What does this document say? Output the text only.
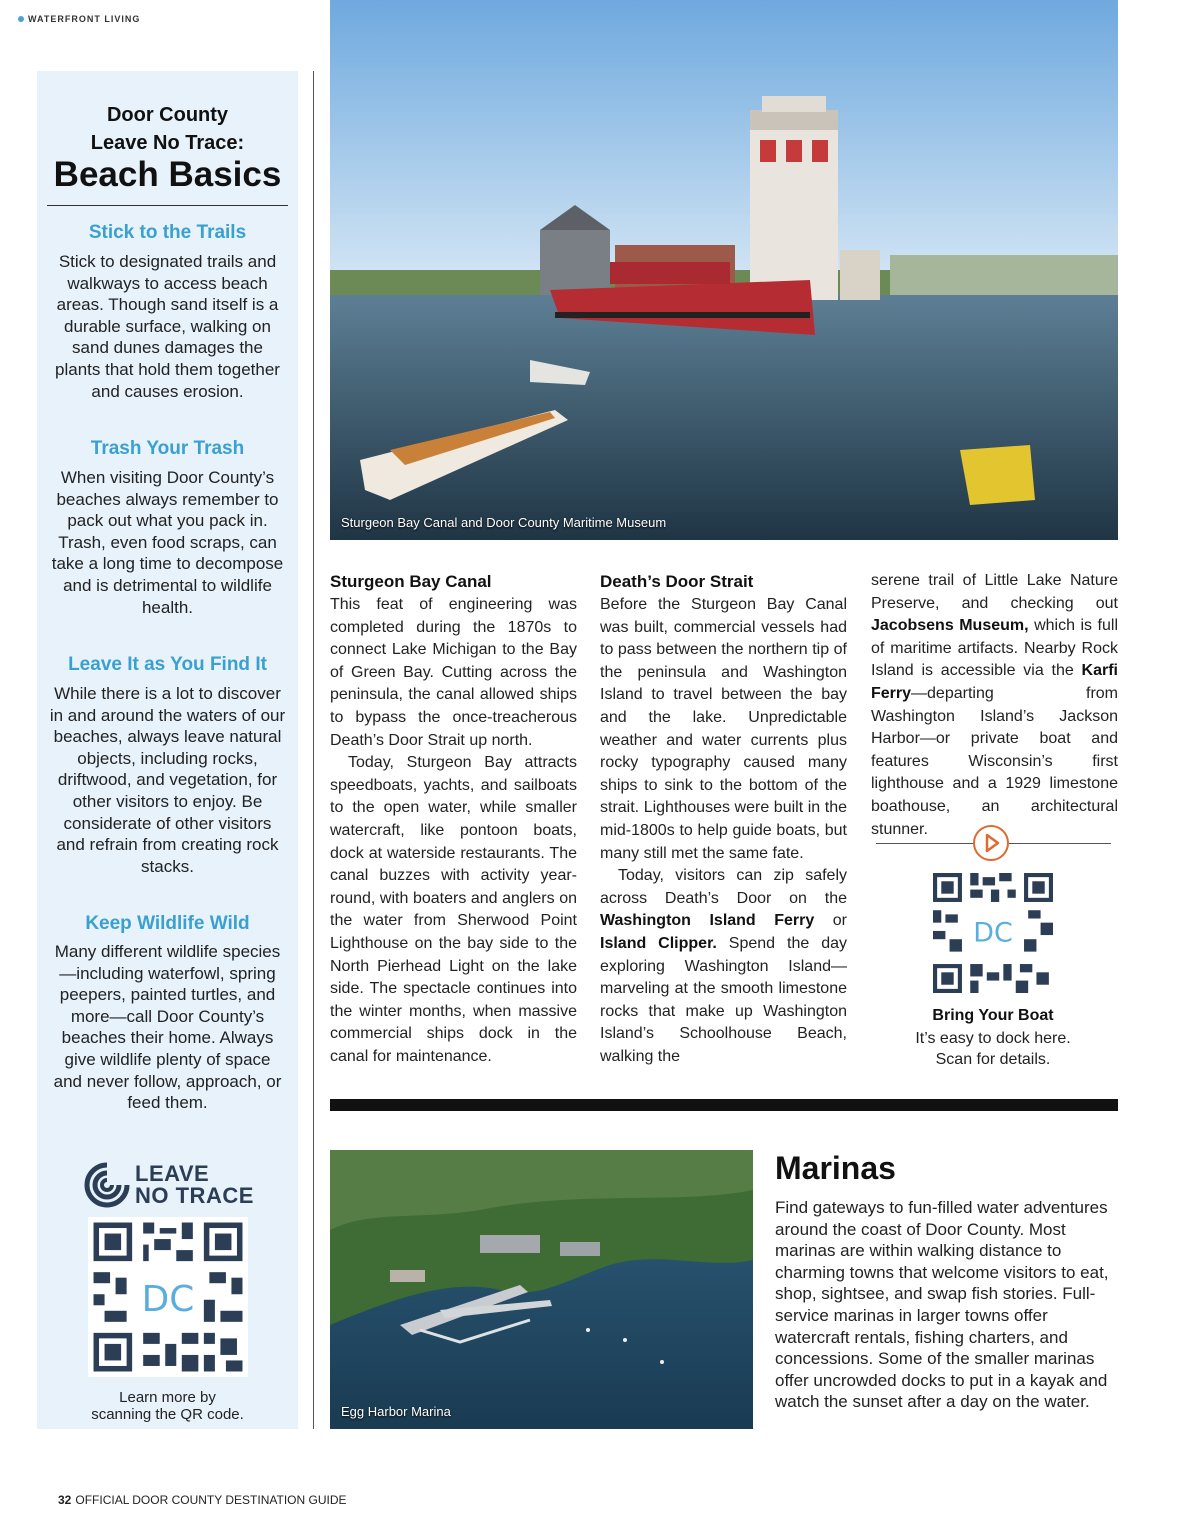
WATERFRONT LIVING
Door County
Leave No Trace:
Beach Basics
Stick to the Trails
Stick to designated trails and walkways to access beach areas. Though sand itself is a durable surface, walking on sand dunes damages the plants that hold them together and causes erosion.
Trash Your Trash
When visiting Door County’s beaches always remember to pack out what you pack in. Trash, even food scraps, can take a long time to decompose and is detrimental to wildlife health.
Leave It as You Find It
While there is a lot to discover in and around the waters of our beaches, always leave natural objects, including rocks, driftwood, and vegetation, for other visitors to enjoy. Be considerate of other visitors and refrain from creating rock stacks.
Keep Wildlife Wild
Many different wildlife species—including waterfowl, spring peepers, painted turtles, and more—call Door County’s beaches their home. Always give wildlife plenty of space and never follow, approach, or feed them.
LEAVE
NO TRACE
DC
Learn more by
scanning the QR code.
Sturgeon Bay Canal and Door County Maritime Museum
Sturgeon Bay Canal

This feat of engineering was completed during the 1870s to connect Lake Michigan to the Bay of Green Bay. Cutting across the peninsula, the canal allowed ships to bypass the once-treacherous Death’s Door Strait up north.

Today, Sturgeon Bay attracts speedboats, yachts, and sailboats to the open water, while smaller watercraft, like pontoon boats, dock at waterside restaurants. The canal buzzes with activity year-round, with boaters and anglers on the water from Sherwood Point Lighthouse on the bay side to the North Pierhead Light on the lake side. The spectacle continues into the winter months, when massive commercial ships dock in the canal for maintenance.

Death’s Door Strait

Before the Sturgeon Bay Canal was built, commercial vessels had to pass between the northern tip of the peninsula and Washington Island to travel between the bay and the lake. Unpredictable weather and water currents plus rocky typography caused many ships to sink to the bottom of the strait. Lighthouses were built in the mid-1800s to help guide boats, but many still met the same fate.

Today, visitors can zip safely across Death’s Door on the Washington Island Ferry or Island Clipper. Spend the day exploring Washington Island—marveling at the smooth limestone rocks that make up Washington Island’s Schoolhouse Beach, walking the

serene trail of Little Lake Nature Preserve, and checking out Jacobsens Museum, which is full of maritime artifacts. Nearby Rock Island is accessible via the Karfi Ferry—departing from Washington Island’s Jackson Harbor—or private boat and features Wisconsin’s first lighthouse and a 1929 limestone boathouse, an architectural stunner.

DC
Bring Your Boat
It’s easy to dock here.
Scan for details.
Egg Harbor Marina
Marinas
Find gateways to fun-filled water adventures around the coast of Door County. Most marinas are within walking distance to charming towns that welcome visitors to eat, shop, sightsee, and swap fish stories. Full-service marinas in larger towns offer watercraft rentals, fishing charters, and concessions. Some of the smaller marinas offer uncrowded docks to put in a kayak and watch the sunset after a day on the water.
32 OFFICIAL DOOR COUNTY DESTINATION GUIDE
